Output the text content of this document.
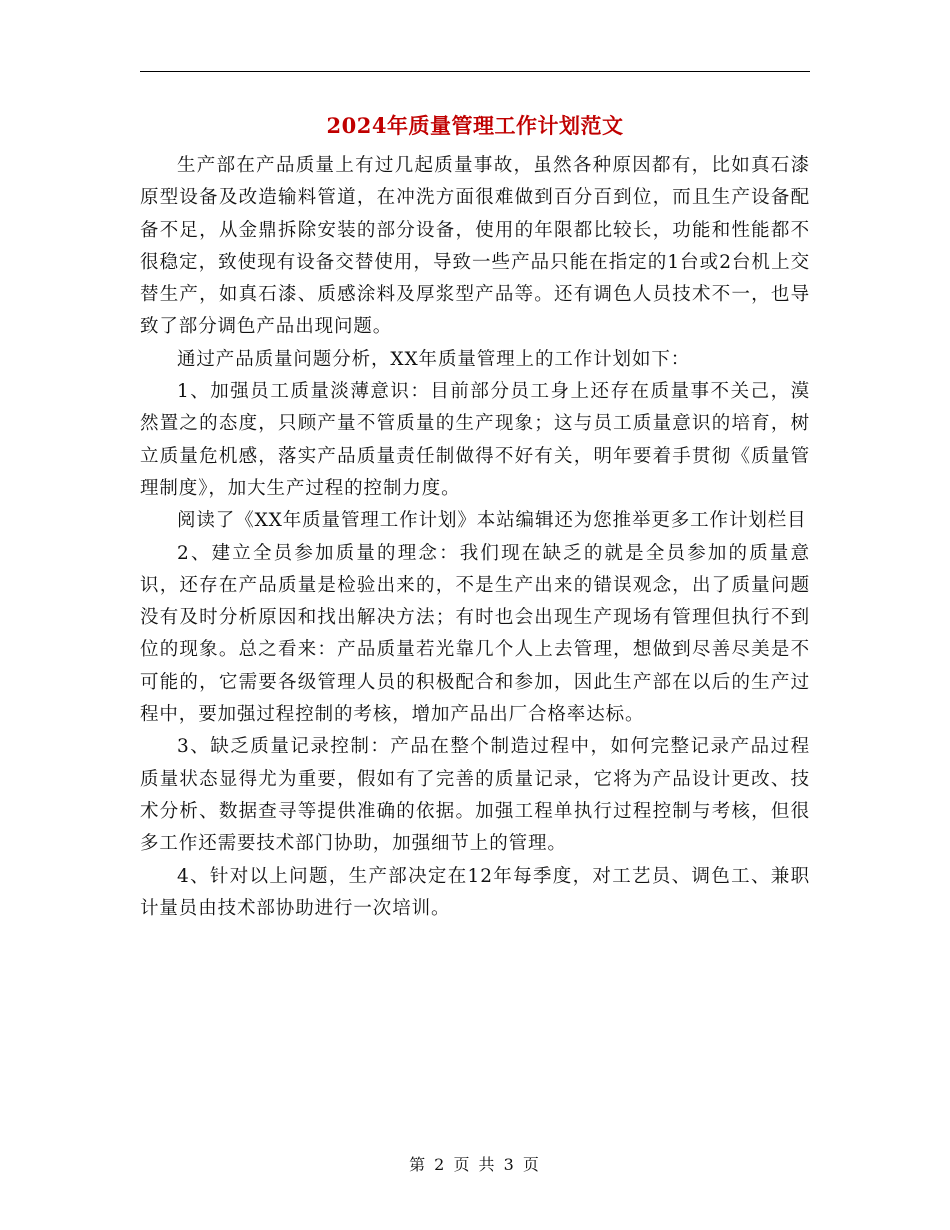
2024年质量管理工作计划范文

生产部在产品质量上有过几起质量事故，虽然各种原因都有，比如真石漆原型设备及改造输料管道，在冲洗方面很难做到百分百到位，而且生产设备配备不足，从金鼎拆除安装的部分设备，使用的年限都比较长，功能和性能都不很稳定，致使现有设备交替使用，导致一些产品只能在指定的1台或2台机上交替生产，如真石漆、质感涂料及厚浆型产品等。还有调色人员技术不一，也导致了部分调色产品出现问题。

通过产品质量问题分析，XX年质量管理上的工作计划如下：

1、加强员工质量淡薄意识：目前部分员工身上还存在质量事不关己，漠然置之的态度，只顾产量不管质量的生产现象；这与员工质量意识的培育，树立质量危机感，落实产品质量责任制做得不好有关，明年要着手贯彻《质量管理制度》，加大生产过程的控制力度。

阅读了《XX年质量管理工作计划》本站编辑还为您推举更多工作计划栏目

2、建立全员参加质量的理念：我们现在缺乏的就是全员参加的质量意识，还存在产品质量是检验出来的，不是生产出来的错误观念，出了质量问题没有及时分析原因和找出解决方法；有时也会出现生产现场有管理但执行不到位的现象。总之看来：产品质量若光靠几个人上去管理，想做到尽善尽美是不可能的，它需要各级管理人员的积极配合和参加，因此生产部在以后的生产过程中，要加强过程控制的考核，增加产品出厂合格率达标。

3、缺乏质量记录控制：产品在整个制造过程中，如何完整记录产品过程质量状态显得尤为重要，假如有了完善的质量记录，它将为产品设计更改、技术分析、数据查寻等提供准确的依据。加强工程单执行过程控制与考核，但很多工作还需要技术部门协助，加强细节上的管理。

4、针对以上问题，生产部决定在12年每季度，对工艺员、调色工、兼职计量员由技术部协助进行一次培训。

第 2 页 共 3 页
